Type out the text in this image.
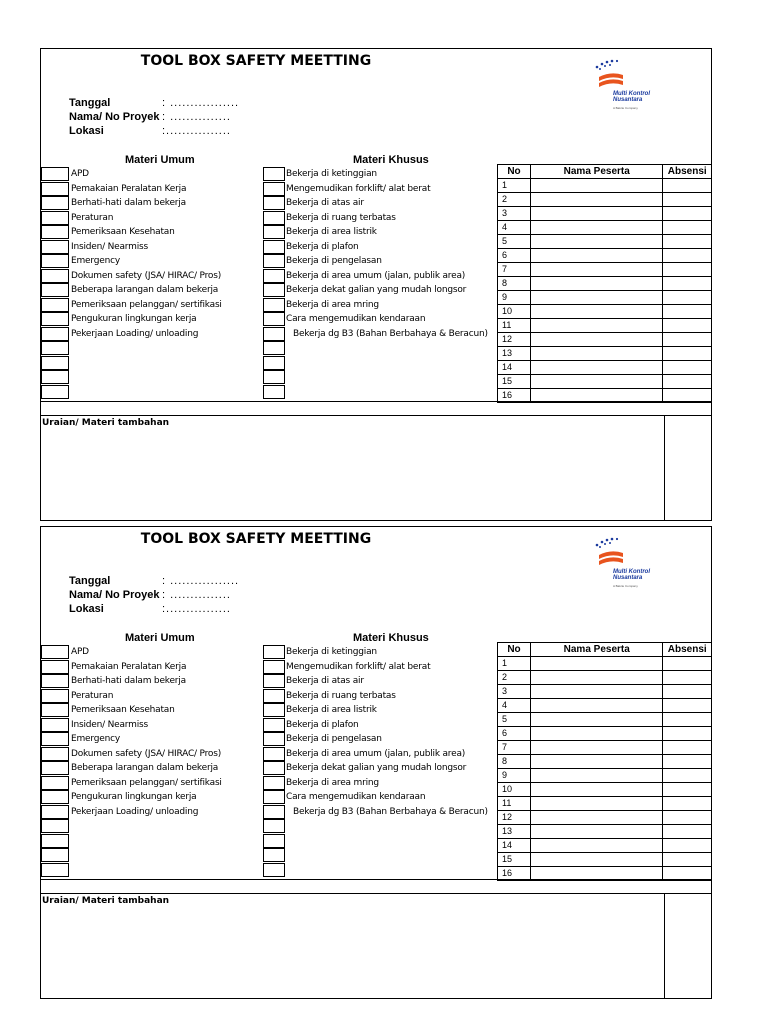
TOOL BOX SAFETY MEETTING
Tanggal	: .................
Nama/ No Proyek : ...............
Lokasi	:................
Multi Kontrol
Nusantara
A Bakrie Company
Materi Umum	Materi Khusus
APD
Pemakaian Peralatan Kerja
Berhati-hati dalam bekerja
Peraturan
Pemeriksaan Kesehatan
Insiden/ Nearmiss
Emergency
Dokumen safety (JSA/ HIRAC/ Pros)
Beberapa larangan dalam bekerja
Pemeriksaan pelanggan/ sertifikasi
Pengukuran lingkungan kerja
Pekerjaan Loading/ unloading
Bekerja di ketinggian
Mengemudikan forklift/ alat berat
Bekerja di atas air
Bekerja di ruang terbatas
Bekerja di area listrik
Bekerja di plafon
Bekerja di pengelasan
Bekerja di area umum (jalan, publik area)
Bekerja dekat galian yang mudah longsor
Bekerja di area mring
Cara mengemudikan kendaraan
Bekerja dg B3 (Bahan Berbahaya & Beracun)
No	Nama Peserta	Absensi
1		
2		
3		
4		
5		
6		
7		
8		
9		
10		
11		
12		
13		
14		
15		
16		
Uraian/ Materi tambahan
TOOL BOX SAFETY MEETTING
Tanggal	: .................
Nama/ No Proyek : ...............
Lokasi	:................
Multi Kontrol
Nusantara
A Bakrie Company
Materi Umum	Materi Khusus
APD
Pemakaian Peralatan Kerja
Berhati-hati dalam bekerja
Peraturan
Pemeriksaan Kesehatan
Insiden/ Nearmiss
Emergency
Dokumen safety (JSA/ HIRAC/ Pros)
Beberapa larangan dalam bekerja
Pemeriksaan pelanggan/ sertifikasi
Pengukuran lingkungan kerja
Pekerjaan Loading/ unloading
Bekerja di ketinggian
Mengemudikan forklift/ alat berat
Bekerja di atas air
Bekerja di ruang terbatas
Bekerja di area listrik
Bekerja di plafon
Bekerja di pengelasan
Bekerja di area umum (jalan, publik area)
Bekerja dekat galian yang mudah longsor
Bekerja di area mring
Cara mengemudikan kendaraan
Bekerja dg B3 (Bahan Berbahaya & Beracun)
No	Nama Peserta	Absensi
1		
2		
3		
4		
5		
6		
7		
8		
9		
10		
11		
12		
13		
14		
15		
16		
Uraian/ Materi tambahan
